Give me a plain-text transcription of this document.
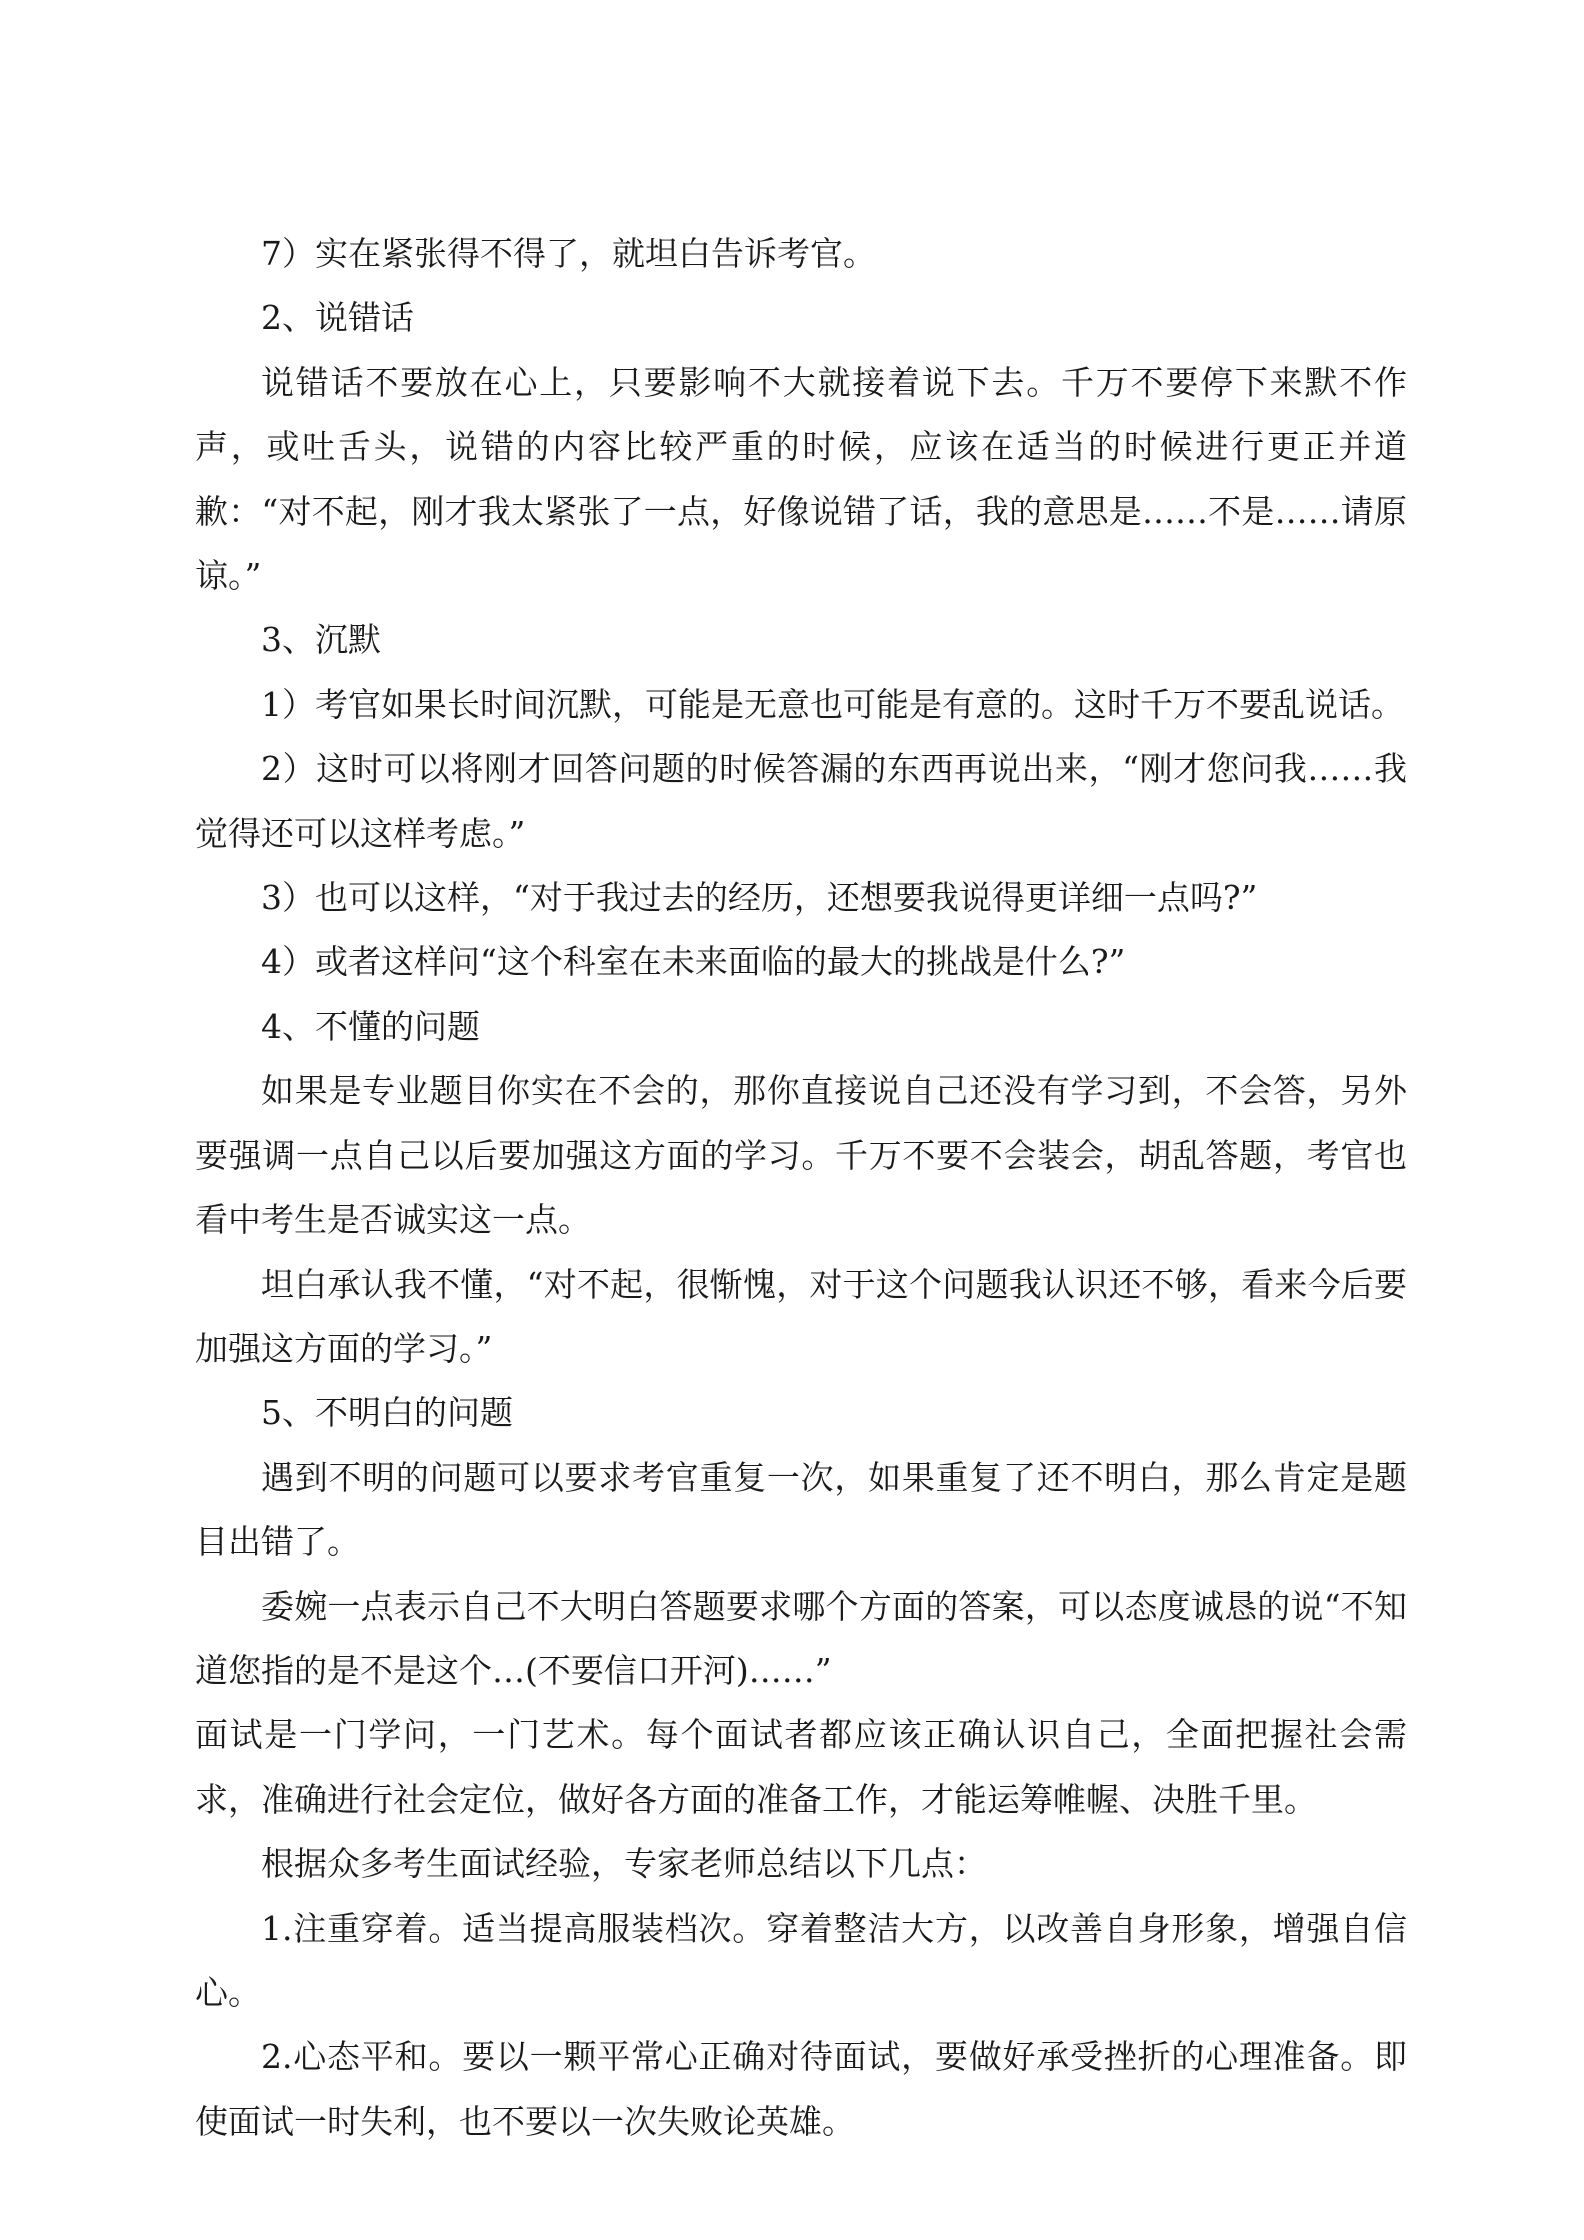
7）实在紧张得不得了，就坦白告诉考官。

2、说错话

说错话不要放在心上，只要影响不大就接着说下去。千万不要停下来默不作声，或吐舌头，说错的内容比较严重的时候，应该在适当的时候进行更正并道歉：“对不起，刚才我太紧张了一点，好像说错了话，我的意思是……不是……请原谅。”

3、沉默

1）考官如果长时间沉默，可能是无意也可能是有意的。这时千万不要乱说话。

2）这时可以将刚才回答问题的时候答漏的东西再说出来，“刚才您问我……我觉得还可以这样考虑。”

3）也可以这样，“对于我过去的经历，还想要我说得更详细一点吗?”

4）或者这样问“这个科室在未来面临的最大的挑战是什么?”

4、不懂的问题

如果是专业题目你实在不会的，那你直接说自己还没有学习到，不会答，另外要强调一点自己以后要加强这方面的学习。千万不要不会装会，胡乱答题，考官也看中考生是否诚实这一点。

坦白承认我不懂，“对不起，很惭愧，对于这个问题我认识还不够，看来今后要加强这方面的学习。”

5、不明白的问题

遇到不明的问题可以要求考官重复一次，如果重复了还不明白，那么肯定是题目出错了。

委婉一点表示自己不大明白答题要求哪个方面的答案，可以态度诚恳的说“不知道您指的是不是这个…(不要信口开河)……”

面试是一门学问，一门艺术。每个面试者都应该正确认识自己，全面把握社会需求，准确进行社会定位，做好各方面的准备工作，才能运筹帷幄、决胜千里。

根据众多考生面试经验，专家老师总结以下几点：

1.注重穿着。适当提高服装档次。穿着整洁大方，以改善自身形象，增强自信心。

2.心态平和。要以一颗平常心正确对待面试，要做好承受挫折的心理准备。即使面试一时失利，也不要以一次失败论英雄。
